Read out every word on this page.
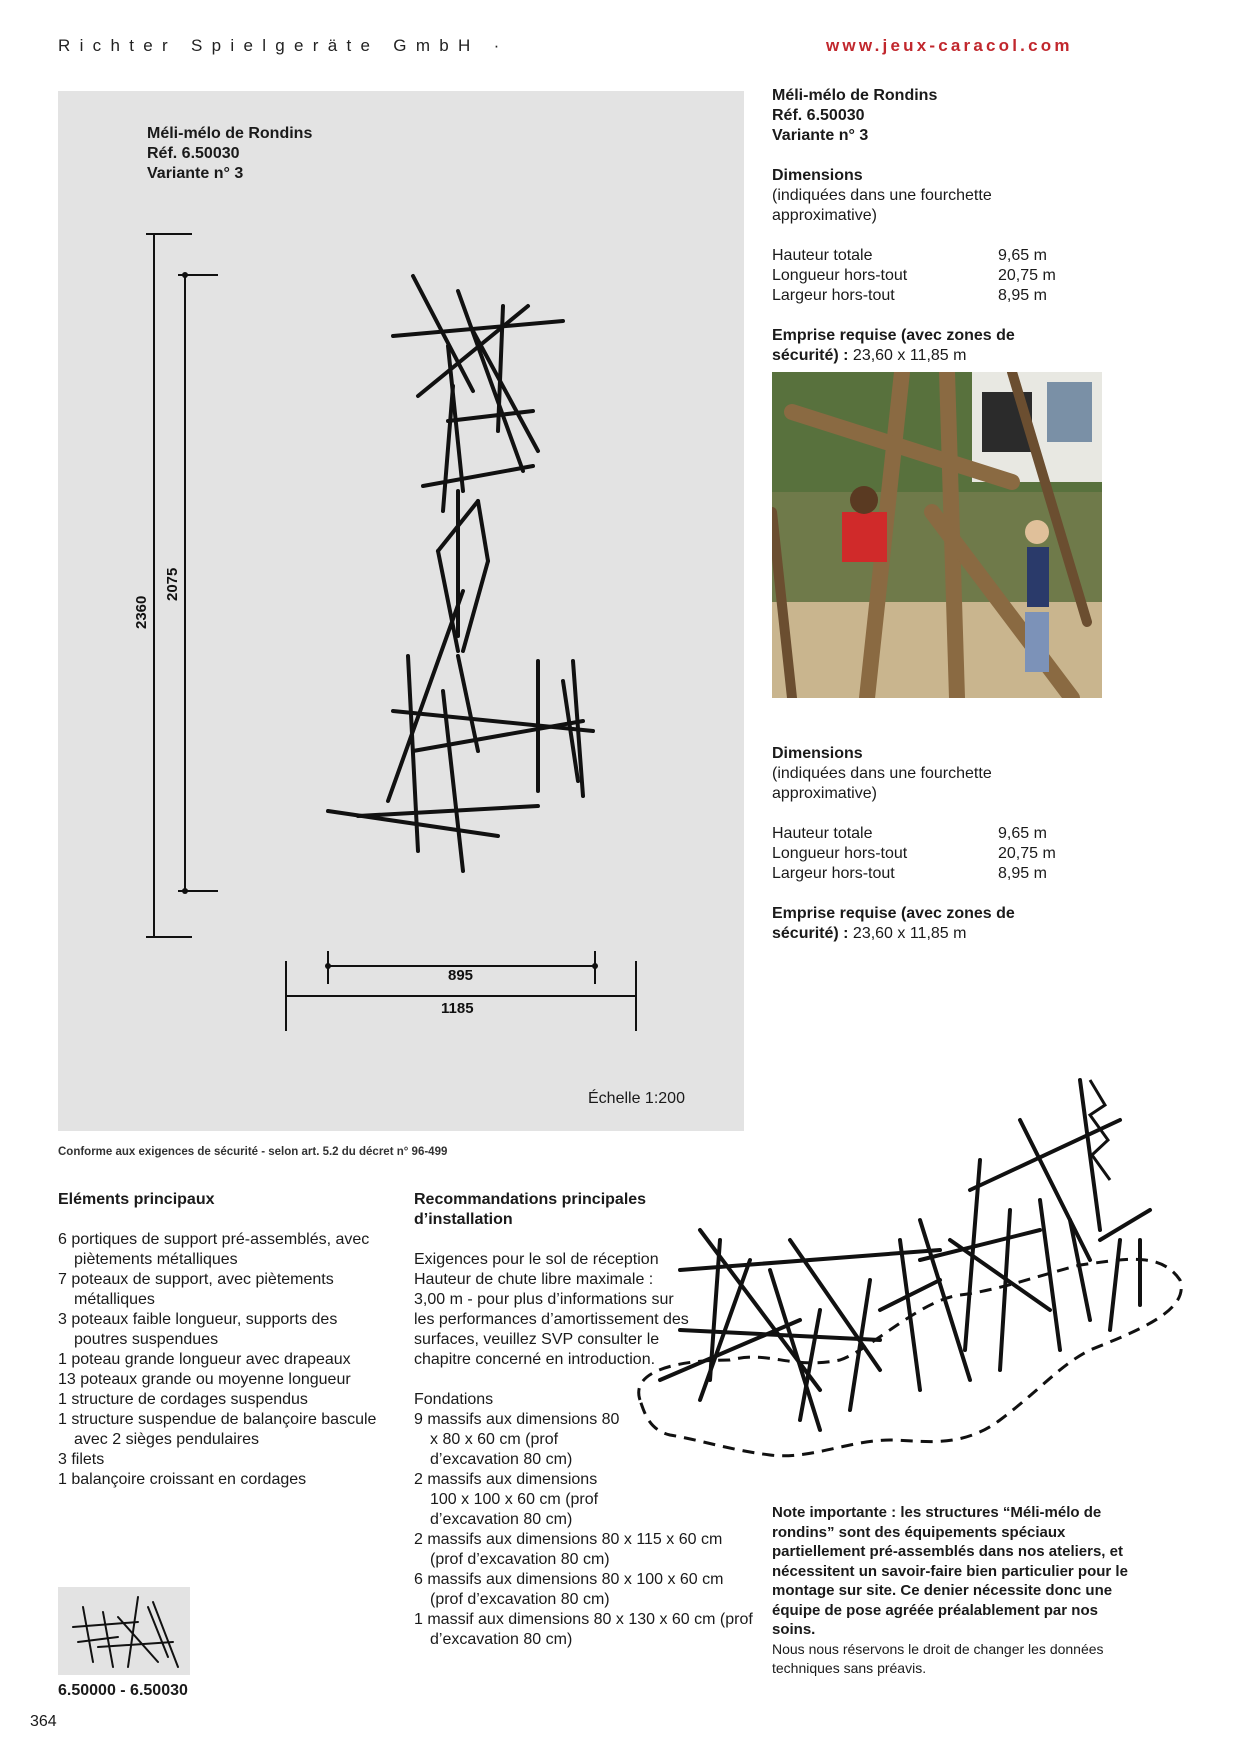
Richter Spielgeräte GmbH ·	www.jeux-caracol.com
Méli-mélo de Rondins
Réf. 6.50030
Variante n° 3
2360
2075
895
1185
Échelle 1:200
Conforme aux exigences de sécurité - selon art. 5.2 du décret n° 96-499
Méli-mélo de Rondins
Réf. 6.50030
Variante n° 3
Dimensions
(indiquées dans une fourchette
approximative)
Hauteur totale	9,65 m
Longueur hors-tout	20,75 m
Largeur hors-tout	8,95 m
Emprise requise (avec zones de
sécurité) : 23,60 x 11,85 m
Dimensions
(indiquées dans une fourchette
approximative)
Hauteur totale	9,65 m
Longueur hors-tout	20,75 m
Largeur hors-tout	8,95 m
Emprise requise (avec zones de
sécurité) : 23,60 x 11,85 m
Eléments principaux

6 portiques de support pré-assemblés, avec piètements métalliques

7 poteaux de support, avec piètements métalliques

3 poteaux faible longueur, supports des poutres suspendues

1 poteau grande longueur avec drapeaux

13 poteaux grande ou moyenne longueur

1 structure de cordages suspendus

1 structure suspendue de balançoire bascule avec 2 sièges pendulaires

3 filets

1 balançoire croissant en cordages

Recommandations principales
d’installation
Exigences pour le sol de réception
Hauteur de chute libre maximale :
3,00 m - pour plus d’informations sur
les performances d’amortissement des
surfaces, veuillez SVP consulter le
chapitre concerné en introduction.
Fondations

9 massifs aux dimensions 80 x 80 x 60 cm (prof d’excavation 80 cm)

2 massifs aux dimensions 100 x 100 x 60 cm (prof d’excavation 80 cm)

2 massifs aux dimensions 80 x 115 x 60 cm (prof d’excavation 80 cm)

6 massifs aux dimensions 80 x 100 x 60 cm (prof d’excavation 80 cm)

1 massif aux dimensions 80 x 130 x 60 cm (prof d’excavation 80 cm)

Note importante : les structures “Méli-mélo de rondins” sont des équipements spéciaux partiellement pré-assemblés dans nos ateliers, et nécessitent un savoir-faire bien particulier pour le montage sur site. Ce denier nécessite donc une équipe de pose agréée préalablement par nos soins.
Nous nous réservons le droit de changer les données techniques sans préavis.
6.50000 - 6.50030
364
